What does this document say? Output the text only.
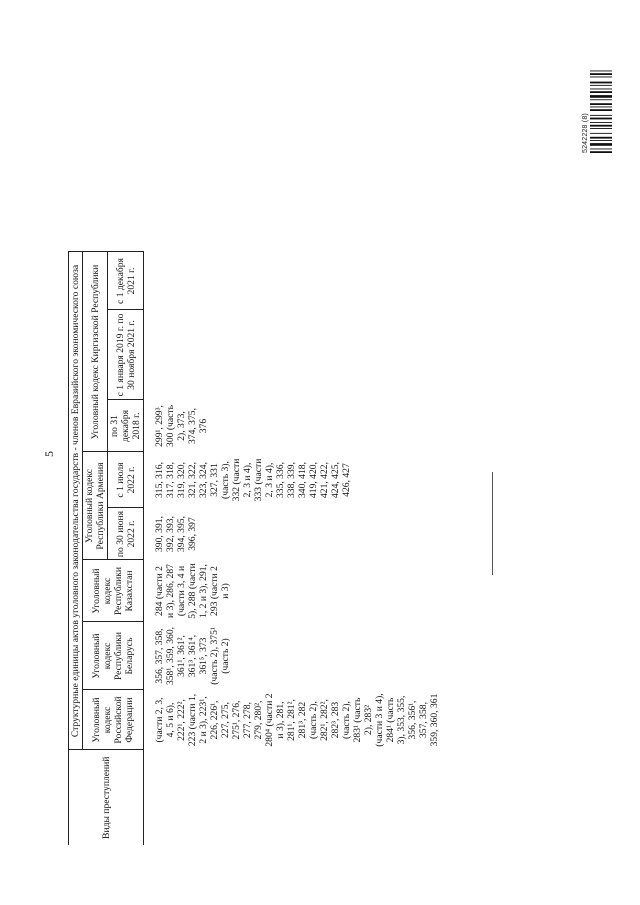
5
Виды преступлений	Структурные единицы актов уголовного законодательства государств - членов Евразийского экономического союза							
	Уголовный кодекс Российской Федерации	Уголовный кодекс Республики Беларусь	Уголовный кодекс Республики Казахстан	Уголовный кодекс Республики Армения		Уголовный кодекс Киргизской Республики		
				по 30 июня 2022 г.	с 1 июля 2022 г.	по 31 декабря 2018 г.	с 1 января 2019 г. по 30 ноября 2021 г.	с 1 декабря 2021 г.
	(части 2, 3, 4, 5 и 6), 222¹, 222², 223 (части 1, 2 и 3), 223¹, 226, 226¹, 227, 275, 275¹, 276, 277, 278, 279, 280², 280⁴ (части 2 и 3), 281, 281¹, 281², 281³, 282 (часть 2), 282¹, 282², 282³, 283 (часть 2), 283¹ (часть 2), 283² (части 3 и 4), 284¹ (часть 3), 353, 355, 356, 356¹, 357, 358, 359, 360, 361	356, 357, 358, 358¹, 359, 360, 361¹, 361², 361³, 361⁴, 361⁵, 373 (часть 2), 375¹ (часть 2)	284 (части 2 и 3), 286, 287 (части 3, 4 и 5), 288 (части 1, 2 и 3), 291, 293 (части 2 и 3)	390, 391, 392, 393, 394, 395, 396, 397	315, 316, 317, 318, 319, 320, 321, 322, 323, 324, 327, 331 (часть 3), 332 (части 2, 3 и 4), 333 (части 2, 3 и 4), 335, 336, 338, 339, 340, 418, 419, 420, 421, 422, 424, 425, 426, 427	299¹, 299³, 300 (часть 2), 373, 374, 375, 376		
5242228 (8)
